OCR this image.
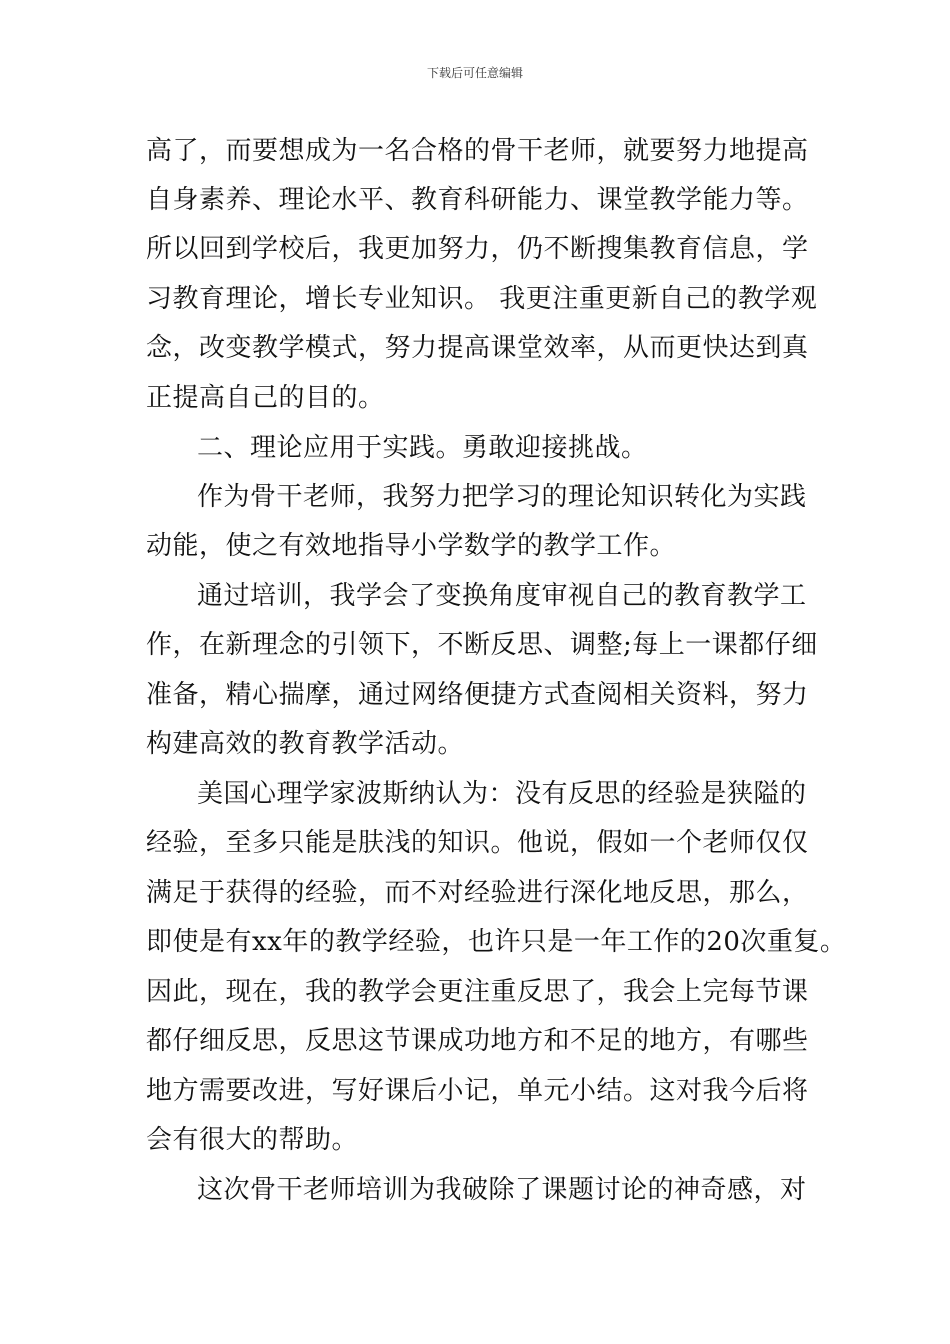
下载后可任意编辑
高了，而要想成为一名合格的骨干老师，就要努力地提高
自身素养、理论水平、教育科研能力、课堂教学能力等。
所以回到学校后，我更加努力，仍不断搜集教育信息，学
习教育理论，增长专业知识。 我更注重更新自己的教学观
念，改变教学模式，努力提高课堂效率，从而更快达到真
正提高自己的目的。
二、理论应用于实践。勇敢迎接挑战。
作为骨干老师，我努力把学习的理论知识转化为实践
动能，使之有效地指导小学数学的教学工作。
通过培训，我学会了变换角度审视自己的教育教学工
作，在新理念的引领下，不断反思、调整;每上一课都仔细
准备，精心揣摩，通过网络便捷方式查阅相关资料，努力
构建高效的教育教学活动。
美国心理学家波斯纳认为：没有反思的经验是狭隘的
经验，至多只能是肤浅的知识。他说，假如一个老师仅仅
满足于获得的经验，而不对经验进行深化地反思，那么，
即使是有xx年的教学经验，也许只是一年工作的20次重复。
因此，现在，我的教学会更注重反思了，我会上完每节课
都仔细反思，反思这节课成功地方和不足的地方，有哪些
地方需要改进，写好课后小记，单元小结。这对我今后将
会有很大的帮助。
这次骨干老师培训为我破除了课题讨论的神奇感，对
